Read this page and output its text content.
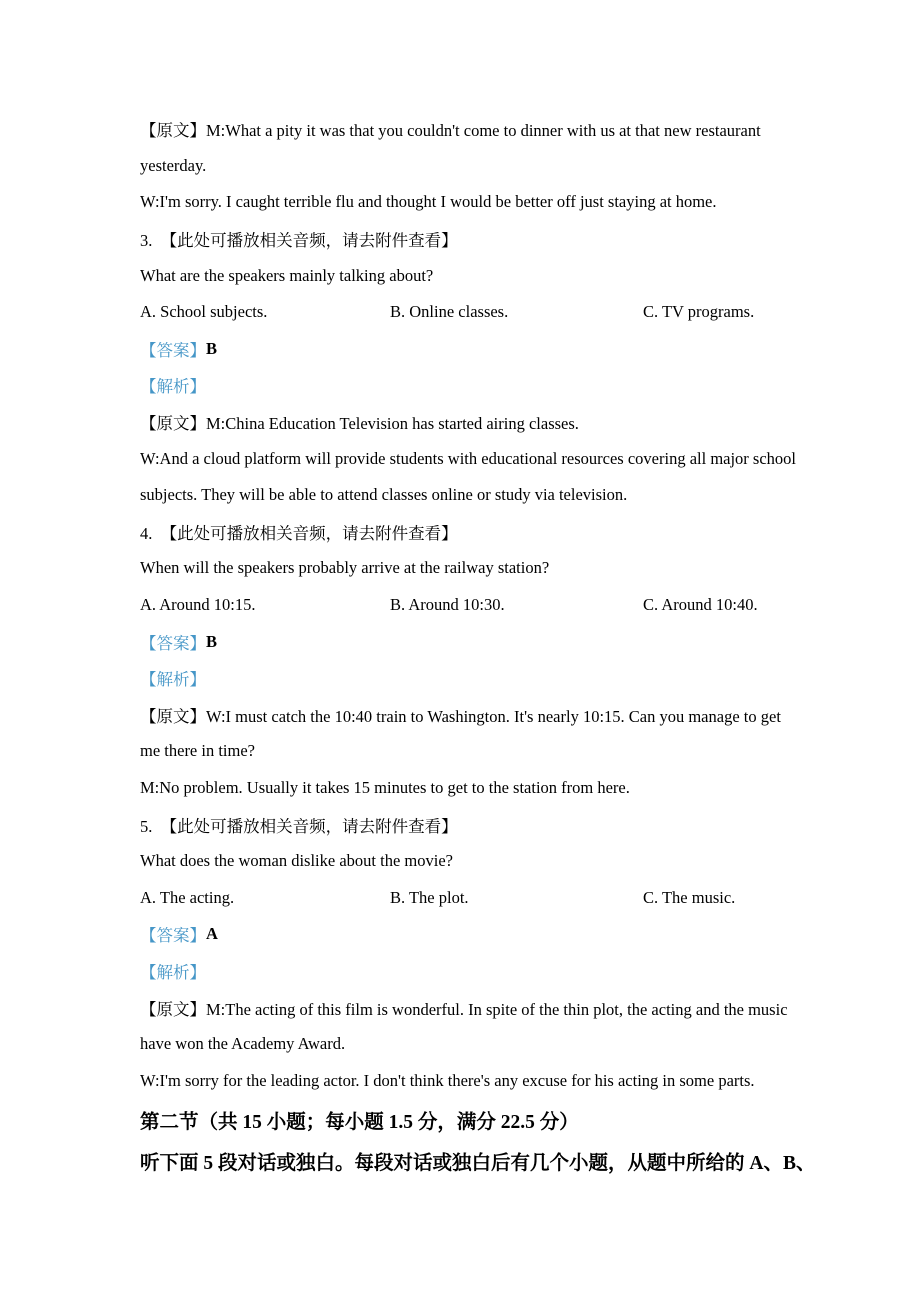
【原文】M:What a pity it was that you couldn't come to dinner with us at that new restaurant
yesterday.
W:I'm sorry. I caught terrible flu and thought I would be better off just staying at home.
3.  【此处可播放相关音频，请去附件查看】
What are the speakers mainly talking about?
A. School subjects.	B. Online classes.	C. TV programs.
【答案】 B
【解析】
【原文】M:China Education Television has started airing classes.
W:And a cloud platform will provide students with educational resources covering all major school
subjects. They will be able to attend classes online or study via television.
4.  【此处可播放相关音频，请去附件查看】
When will the speakers probably arrive at the railway station?
A. Around 10:15.	B. Around 10:30.	C. Around 10:40.
【答案】 B
【解析】
【原文】W:I must catch the 10:40 train to Washington. It's nearly 10:15. Can you manage to get
me there in time?
M:No problem. Usually it takes 15 minutes to get to the station from here.
5.  【此处可播放相关音频，请去附件查看】
What does the woman dislike about the movie?
A. The acting.	B. The plot.	C. The music.
【答案】 A
【解析】
【原文】M:The acting of this film is wonderful. In spite of the thin plot, the acting and the music
have won the Academy Award.
W:I'm sorry for the leading actor. I don't think there's any excuse for his acting in some parts.
第二节（共 15 小题；每小题 1.5 分，满分 22.5 分）
听下面 5 段对话或独白。每段对话或独白后有几个小题，从题中所给的 A、B、
